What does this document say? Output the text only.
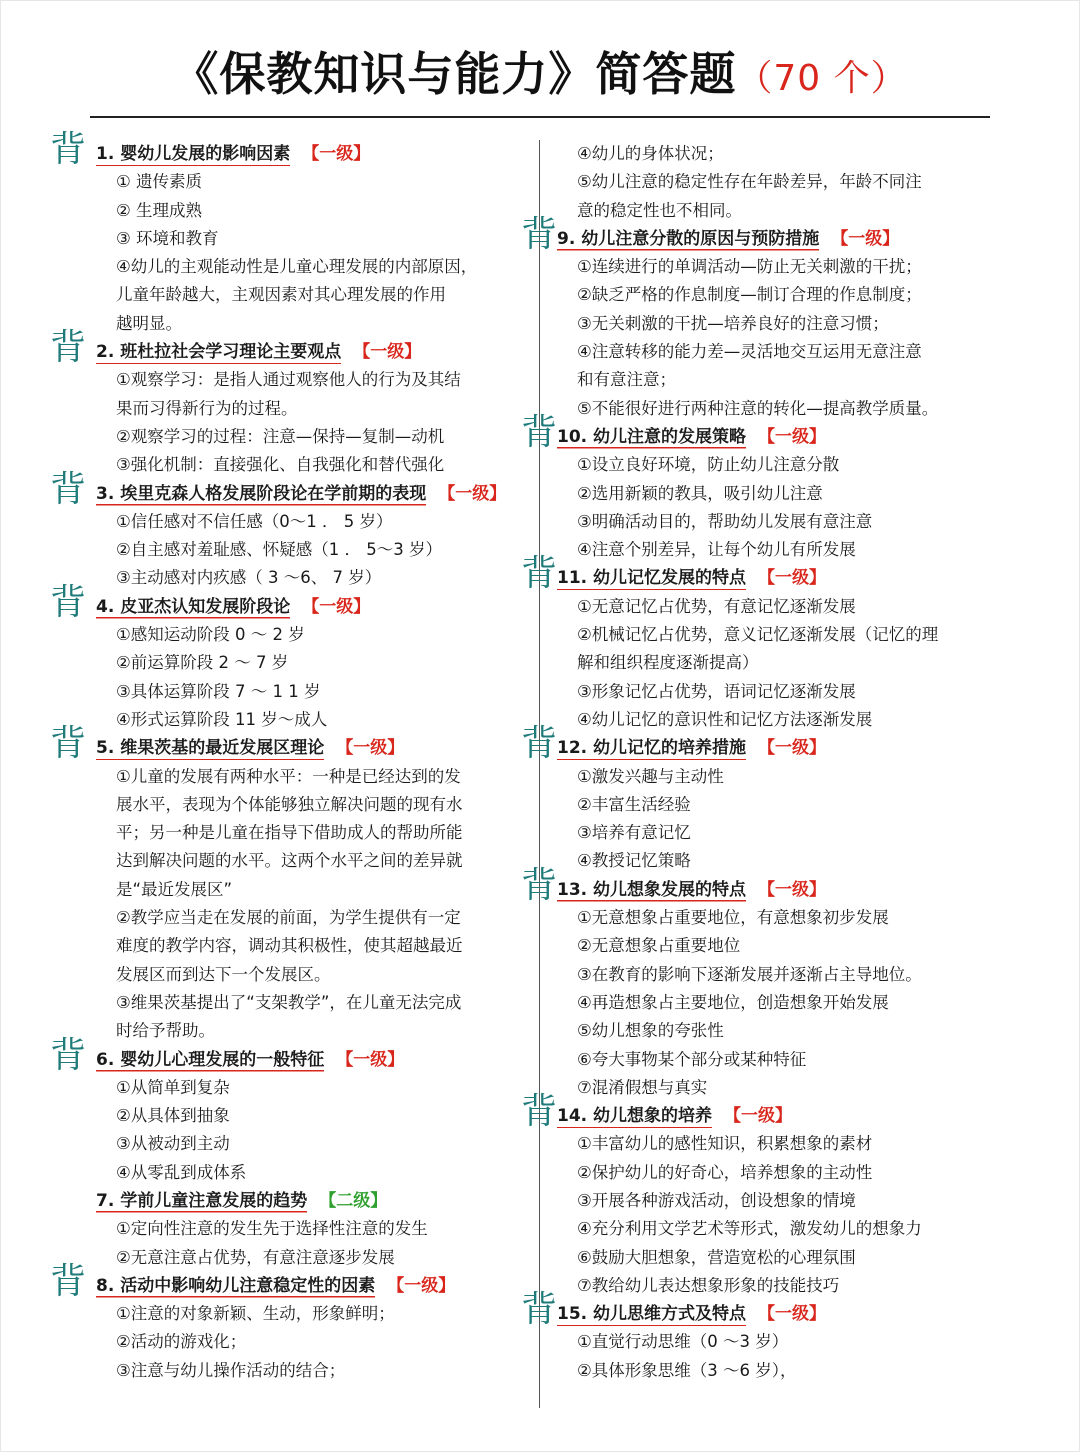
《保教知识与能力》简答题（70 个）
背 1. 婴幼儿发展的影响因素 【一级】
① 遗传素质
② 生理成熟
③ 环境和教育
④幼儿的主观能动性是儿童心理发展的内部原因，
儿童年龄越大，主观因素对其心理发展的作用
越明显。
背 2. 班杜拉社会学习理论主要观点 【一级】
①观察学习：是指人通过观察他人的行为及其结
果而习得新行为的过程。
②观察学习的过程：注意—保持—复制—动机
③强化机制：直接强化、自我强化和替代强化
背 3. 埃里克森人格发展阶段论在学前期的表现 【一级】
①信任感对不信任感（0～1 ． 5 岁）
②自主感对羞耻感、怀疑感（1 ． 5～3 岁）
③主动感对内疚感（ 3 ～6、 7 岁）
背 4. 皮亚杰认知发展阶段论 【一级】
①感知运动阶段 0 ～ 2 岁
②前运算阶段 2 ～ 7 岁
③具体运算阶段 7 ～ 1 1 岁
④形式运算阶段 11 岁～成人
背 5. 维果茨基的最近发展区理论 【一级】
①儿童的发展有两种水平：一种是已经达到的发
展水平，表现为个体能够独立解决问题的现有水
平；另一种是儿童在指导下借助成人的帮助所能
达到解决问题的水平。这两个水平之间的差异就
是“最近发展区”
②教学应当走在发展的前面，为学生提供有一定
难度的教学内容，调动其积极性，使其超越最近
发展区而到达下一个发展区。
③维果茨基提出了“支架教学”，在儿童无法完成
时给予帮助。
背 6. 婴幼儿心理发展的一般特征 【一级】
①从简单到复杂
②从具体到抽象
③从被动到主动
④从零乱到成体系
7. 学前儿童注意发展的趋势 【二级】
①定向性注意的发生先于选择性注意的发生
②无意注意占优势，有意注意逐步发展
背 8. 活动中影响幼儿注意稳定性的因素 【一级】
①注意的对象新颖、生动，形象鲜明；
②活动的游戏化；
③注意与幼儿操作活动的结合；
④幼儿的身体状况；
⑤幼儿注意的稳定性存在年龄差异，年龄不同注
意的稳定性也不相同。
背 9. 幼儿注意分散的原因与预防措施 【一级】
①连续进行的单调活动—防止无关刺激的干扰；
②缺乏严格的作息制度—制订合理的作息制度；
③无关刺激的干扰—培养良好的注意习惯；
④注意转移的能力差—灵活地交互运用无意注意
和有意注意；
⑤不能很好进行两种注意的转化—提高教学质量。
背 10. 幼儿注意的发展策略 【一级】
①设立良好环境，防止幼儿注意分散
②选用新颖的教具，吸引幼儿注意
③明确活动目的，帮助幼儿发展有意注意
④注意个别差异，让每个幼儿有所发展
背 11. 幼儿记忆发展的特点 【一级】
①无意记忆占优势，有意记忆逐渐发展
②机械记忆占优势，意义记忆逐渐发展（记忆的理
解和组织程度逐渐提高）
③形象记忆占优势，语词记忆逐渐发展
④幼儿记忆的意识性和记忆方法逐渐发展
背 12. 幼儿记忆的培养措施 【一级】
①激发兴趣与主动性
②丰富生活经验
③培养有意记忆
④教授记忆策略
背 13. 幼儿想象发展的特点 【一级】
①无意想象占重要地位，有意想象初步发展
②无意想象占重要地位
③在教育的影响下逐渐发展并逐渐占主导地位。
④再造想象占主要地位，创造想象开始发展
⑤幼儿想象的夸张性
⑥夸大事物某个部分或某种特征
⑦混淆假想与真实
背 14. 幼儿想象的培养 【一级】
①丰富幼儿的感性知识，积累想象的素材
②保护幼儿的好奇心，培养想象的主动性
③开展各种游戏活动，创设想象的情境
④充分利用文学艺术等形式，激发幼儿的想象力
⑥鼓励大胆想象，营造宽松的心理氛围
⑦教给幼儿表达想象形象的技能技巧
背 15. 幼儿思维方式及特点 【一级】
①直觉行动思维（0 ～3 岁）
②具体形象思维（3 ～6 岁），
